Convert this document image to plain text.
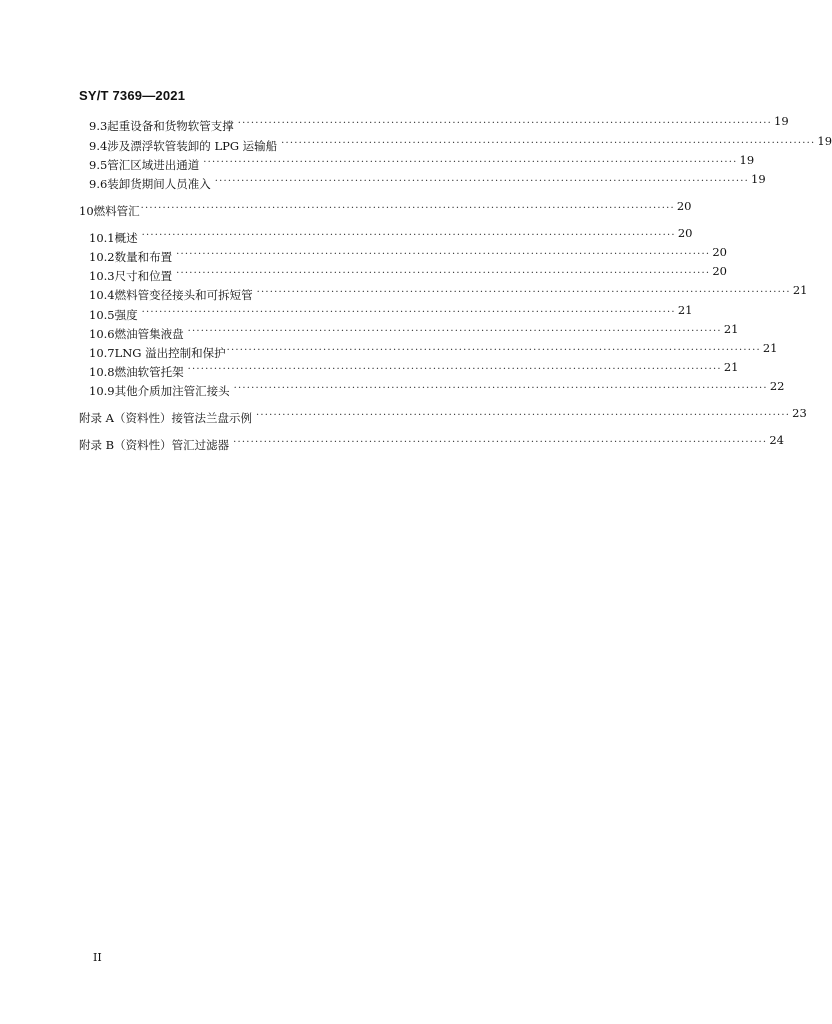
SY/T 7369—2021
9.3 起重设备和货物软管支撑 ·························································································································· 19
9.4 涉及漂浮软管装卸的 LPG 运输船 ·························································································································· 19
9.5 管汇区域进出通道 ·························································································································· 19
9.6 装卸货期间人员准入 ·························································································································· 19
10 燃料管汇 ·························································································································· 20
10.1 概述 ·························································································································· 20
10.2 数量和布置 ·························································································································· 20
10.3 尺寸和位置 ·························································································································· 20
10.4 燃料管变径接头和可拆短管 ·························································································································· 21
10.5 强度 ·························································································································· 21
10.6 燃油管集液盘 ·························································································································· 21
10.7 LNG 溢出控制和保护 ·························································································································· 21
10.8 燃油软管托架 ·························································································································· 21
10.9 其他介质加注管汇接头 ·························································································································· 22
附录 A（资料性） 接管法兰盘示例 ·························································································································· 23
附录 B（资料性） 管汇过滤器 ·························································································································· 24
II
